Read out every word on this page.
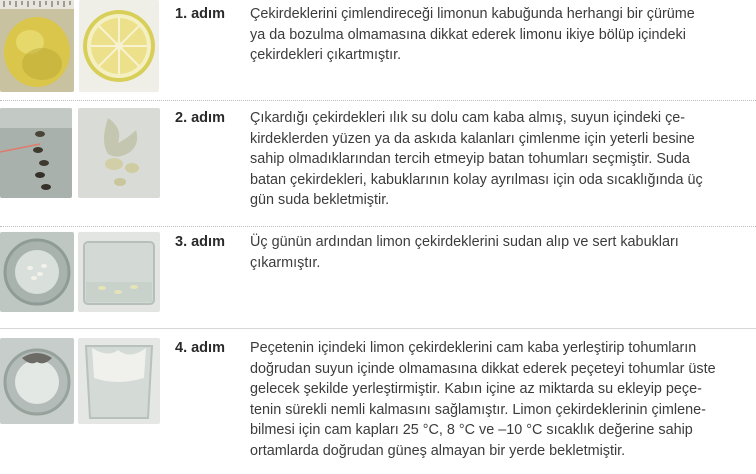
1. adım Çekirdeklerini çimlendireceği limonun kabuğunda herhangi bir çürüme

ya da bozulma olmamasına dikkat ederek limonu ikiye bölüp içindeki

çekirdekleri çıkartmıştır.

2. adım Çıkardığı çekirdekleri ılık su dolu cam kaba almış, suyun içindeki çe-

kirdeklerden yüzen ya da askıda kalanları çimlenme için yeterli besine

sahip olmadıklarından tercih etmeyip batan tohumları seçmiştir. Suda

batan çekirdekleri, kabuklarının kolay ayrılması için oda sıcaklığında üç

gün suda bekletmiştir.

3. adım Üç günün ardından limon çekirdeklerini sudan alıp ve sert kabukları

çıkarmıştır.

4. adım Peçetenin içindeki limon çekirdeklerini cam kaba yerleştirip tohumların

doğrudan suyun içinde olmamasına dikkat ederek peçeteyi tohumlar üste

gelecek şekilde yerleştirmiştir. Kabın içine az miktarda su ekleyip peçe-

tenin sürekli nemli kalmasını sağlamıştır. Limon çekirdeklerinin çimlene-

bilmesi için cam kapları 25 °C, 8 °C ve –10 °C sıcaklık değerine sahip

ortamlarda doğrudan güneş almayan bir yerde bekletmiştir.
